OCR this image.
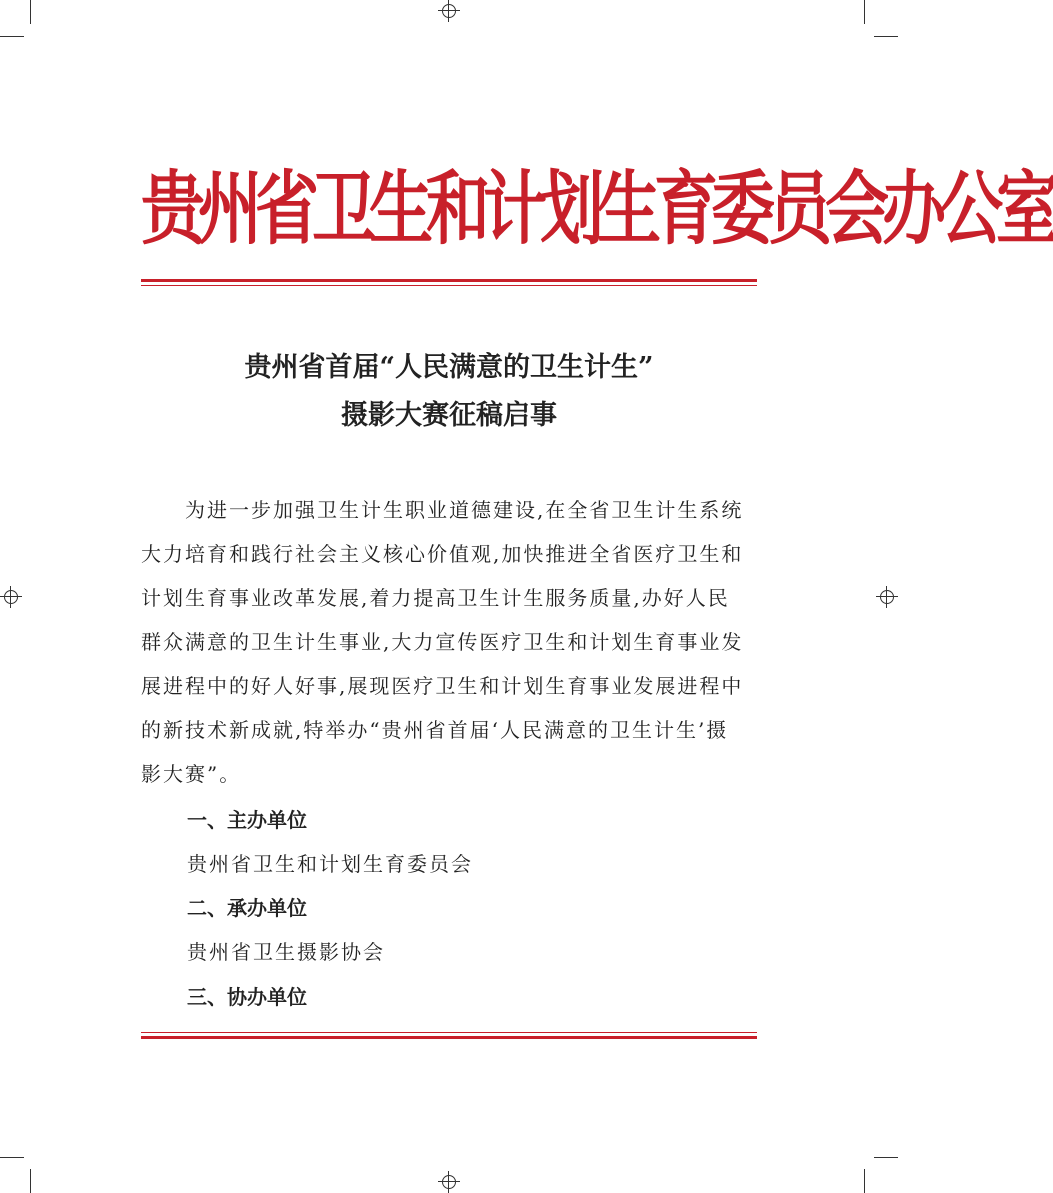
贵州省卫生和计划生育委员会办公室
贵州省首届“人民满意的卫生计生”
摄影大赛征稿启事
为进一步加强卫生计生职业道德建设,在全省卫生计生系统
大力培育和践行社会主义核心价值观,加快推进全省医疗卫生和
计划生育事业改革发展,着力提高卫生计生服务质量,办好人民
群众满意的卫生计生事业,大力宣传医疗卫生和计划生育事业发
展进程中的好人好事,展现医疗卫生和计划生育事业发展进程中
的新技术新成就,特举办“贵州省首届‘人民满意的卫生计生’摄
影大赛”。
一、主办单位
贵州省卫生和计划生育委员会
二、承办单位
贵州省卫生摄影协会
三、协办单位
